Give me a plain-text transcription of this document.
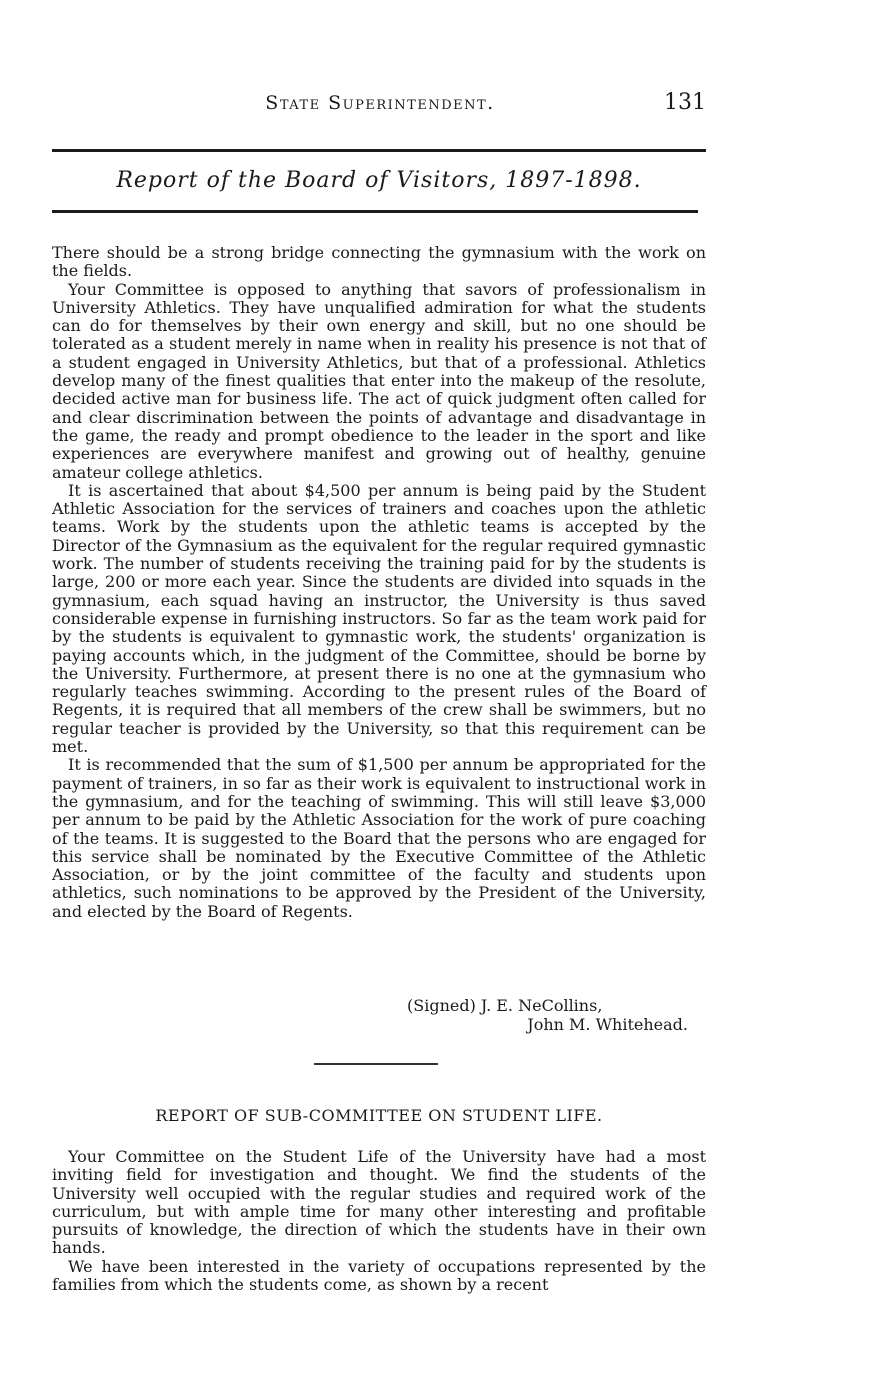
State Superintendent.	131
Report of the Board of Visitors, 1897-1898.

There should be a strong bridge connecting the gymnasium with the work on the fields.

Your Committee is opposed to anything that savors of professionalism in University Athletics. They have unqualified admiration for what the students can do for themselves by their own energy and skill, but no one should be tolerated as a student merely in name when in reality his presence is not that of a student engaged in University Athletics, but that of a professional. Athletics develop many of the finest qualities that enter into the makeup of the resolute, decided active man for business life. The act of quick judgment often called for and clear discrimination between the points of advantage and disadvantage in the game, the ready and prompt obedience to the leader in the sport and like experiences are everywhere manifest and growing out of healthy, genuine amateur college athletics.

It is ascertained that about $4,500 per annum is being paid by the Student Athletic Association for the services of trainers and coaches upon the athletic teams. Work by the students upon the athletic teams is accepted by the Director of the Gymnasium as the equivalent for the regular required gymnastic work. The number of students receiving the training paid for by the students is large, 200 or more each year. Since the students are divided into squads in the gymnasium, each squad having an instructor, the University is thus saved considerable expense in furnishing instructors. So far as the team work paid for by the students is equivalent to gymnastic work, the students' organization is paying accounts which, in the judgment of the Committee, should be borne by the University. Furthermore, at present there is no one at the gymnasium who regularly teaches swimming. According to the present rules of the Board of Regents, it is required that all members of the crew shall be swimmers, but no regular teacher is provided by the University, so that this requirement can be met.

It is recommended that the sum of $1,500 per annum be appropriated for the payment of trainers, in so far as their work is equivalent to instructional work in the gymnasium, and for the teaching of swimming. This will still leave $3,000 per annum to be paid by the Athletic Association for the work of pure coaching of the teams. It is suggested to the Board that the persons who are engaged for this service shall be nominated by the Executive Committee of the Athletic Association, or by the joint committee of the faculty and students upon athletics, such nominations to be approved by the President of the University, and elected by the Board of Regents.

(Signed) J. E. NeCollins,
John M. Whitehead.
REPORT OF SUB-COMMITTEE ON STUDENT LIFE.

Your Committee on the Student Life of the University have had a most inviting field for investigation and thought. We find the students of the University well occupied with the regular studies and required work of the curriculum, but with ample time for many other interesting and profitable pursuits of knowledge, the direction of which the students have in their own hands.

We have been interested in the variety of occupations represented by the families from which the students come, as shown by a recent
